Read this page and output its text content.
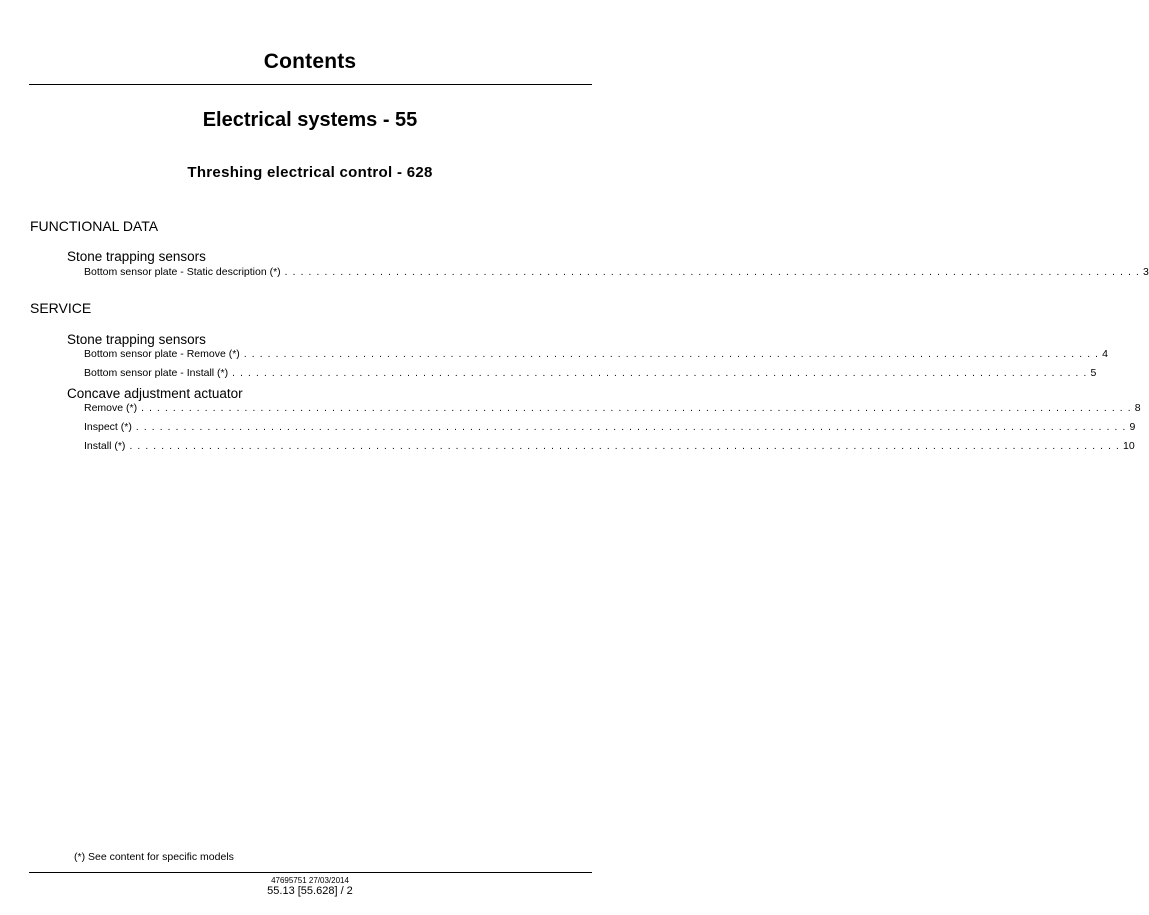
Contents
Electrical systems - 55
Threshing electrical control - 628
FUNCTIONAL DATA
Stone trapping sensors
Bottom sensor plate - Static description (*) . . . . . . . . . . . . . . . . . . . . . . . . . . . . . . . . . . . . . . . . . . . . . . . . . . . . . . . . . . . . . . . . . . . . . . . . . . . . . . . . . . . . . . . . . . . . . . . . . . . . . . . . . . . . 3
SERVICE
Stone trapping sensors
Bottom sensor plate - Remove (*) . . . . . . . . . . . . . . . . . . . . . . . . . . . . . . . . . . . . . . . . . . . . . . . . . . . . . . . . . . . . . . . . . . . . . . . . . . . . . . . . . . . . . . . . . . . . . . . . . . . . . . . . . . . . 4
Bottom sensor plate - Install (*) . . . . . . . . . . . . . . . . . . . . . . . . . . . . . . . . . . . . . . . . . . . . . . . . . . . . . . . . . . . . . . . . . . . . . . . . . . . . . . . . . . . . . . . . . . . . . . . . . . . . . . . . . . . . 5
Concave adjustment actuator
Remove (*) . . . . . . . . . . . . . . . . . . . . . . . . . . . . . . . . . . . . . . . . . . . . . . . . . . . . . . . . . . . . . . . . . . . . . . . . . . . . . . . . . . . . . . . . . . . . . . . . . . . . . . . . . . . . . . . . . . . . . . . . . . . . . 8
Inspect (*) . . . . . . . . . . . . . . . . . . . . . . . . . . . . . . . . . . . . . . . . . . . . . . . . . . . . . . . . . . . . . . . . . . . . . . . . . . . . . . . . . . . . . . . . . . . . . . . . . . . . . . . . . . . . . . . . . . . . . . . . . . . . . 9
Install (*) . . . . . . . . . . . . . . . . . . . . . . . . . . . . . . . . . . . . . . . . . . . . . . . . . . . . . . . . . . . . . . . . . . . . . . . . . . . . . . . . . . . . . . . . . . . . . . . . . . . . . . . . . . . . . . . . . . . . . . . . . . . . . 10
(*) See content for specific models
47695751 27/03/2014
55.13 [55.628] / 2
